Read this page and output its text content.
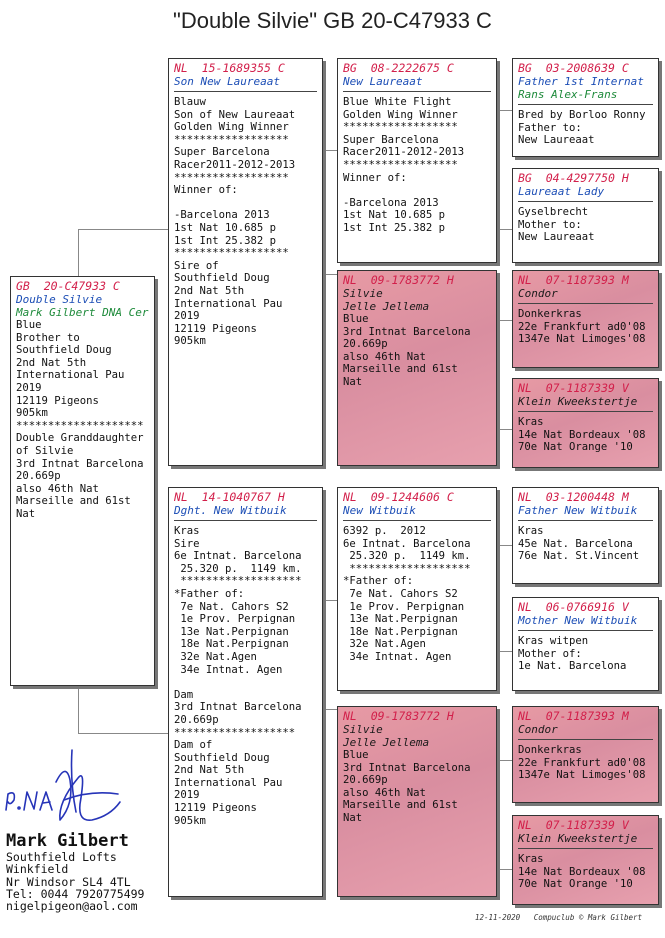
"Double Silvie" GB 20-C47933 C
GB  20-C47933 C
Double Silvie
Mark Gilbert DNA Cer
Blue
Brother to
Southfield Doug
2nd Nat 5th
International Pau
2019
12119 Pigeons
905km
********************
Double Granddaughter
of Silvie
3rd Intnat Barcelona
20.669p
also 46th Nat
Marseille and 61st
Nat
NL  15-1689355 C
Son New Laureaat
Blauw
Son of New Laureaat
Golden Wing Winner
******************
Super Barcelona
Racer2011-2012-2013
******************
Winner of:

-Barcelona 2013
1st Nat 10.685 p
1st Int 25.382 p
******************
Sire of
Southfield Doug
2nd Nat 5th
International Pau
2019
12119 Pigeons
905km
NL  14-1040767 H
Dght. New Witbuik
Kras
Sire
6e Intnat. Barcelona
25.320 p.  1149 km.
*******************
*Father of:
7e Nat. Cahors S2
1e Prov. Perpignan
13e Nat.Perpignan
18e Nat.Perpignan
32e Nat.Agen
34e Intnat. Agen

Dam
3rd Intnat Barcelona
20.669p
*******************
Dam of
Southfield Doug
2nd Nat 5th
International Pau
2019
12119 Pigeons
905km
BG  08-2222675 C
New Laureaat
Blue White Flight
Golden Wing Winner
******************
Super Barcelona
Racer2011-2012-2013
******************
Winner of:

-Barcelona 2013
1st Nat 10.685 p
1st Int 25.382 p
NL  09-1783772 H
Silvie
Jelle Jellema
Blue
3rd Intnat Barcelona
20.669p
also 46th Nat
Marseille and 61st
Nat
NL  09-1244606 C
New Witbuik
6392 p.  2012
6e Intnat. Barcelona
25.320 p.  1149 km.
*******************
*Father of:
7e Nat. Cahors S2
1e Prov. Perpignan
13e Nat.Perpignan
18e Nat.Perpignan
32e Nat.Agen
34e Intnat. Agen
NL  09-1783772 H
Silvie
Jelle Jellema
Blue
3rd Intnat Barcelona
20.669p
also 46th Nat
Marseille and 61st
Nat
BG  03-2008639 C
Father 1st Internat
Rans Alex-Frans
Bred by Borloo Ronny
Father to:
New Laureaat
BG  04-4297750 H
Laureaat Lady
Gyselbrecht
Mother to:
New Laureaat
NL  07-1187393 M
Condor
Donkerkras
22e Frankfurt ad0'08
1347e Nat Limoges'08
NL  07-1187339 V
Klein Kweekstertje
Kras
14e Nat Bordeaux '08
70e Nat Orange '10
NL  03-1200448 M
Father New Witbuik
Kras
45e Nat. Barcelona
76e Nat. St.Vincent
NL  06-0766916 V
Mother New Witbuik
Kras witpen
Mother of:
1e Nat. Barcelona
NL  07-1187393 M
Condor
Donkerkras
22e Frankfurt ad0'08
1347e Nat Limoges'08
NL  07-1187339 V
Klein Kweekstertje
Kras
14e Nat Bordeaux '08
70e Nat Orange '10
Mark Gilbert
Southfield Lofts
Winkfield
Nr Windsor SL4 4TL
Tel: 0044 7920775499
nigelpigeon@aol.com
12-11-2020   Compuclub © Mark Gilbert
